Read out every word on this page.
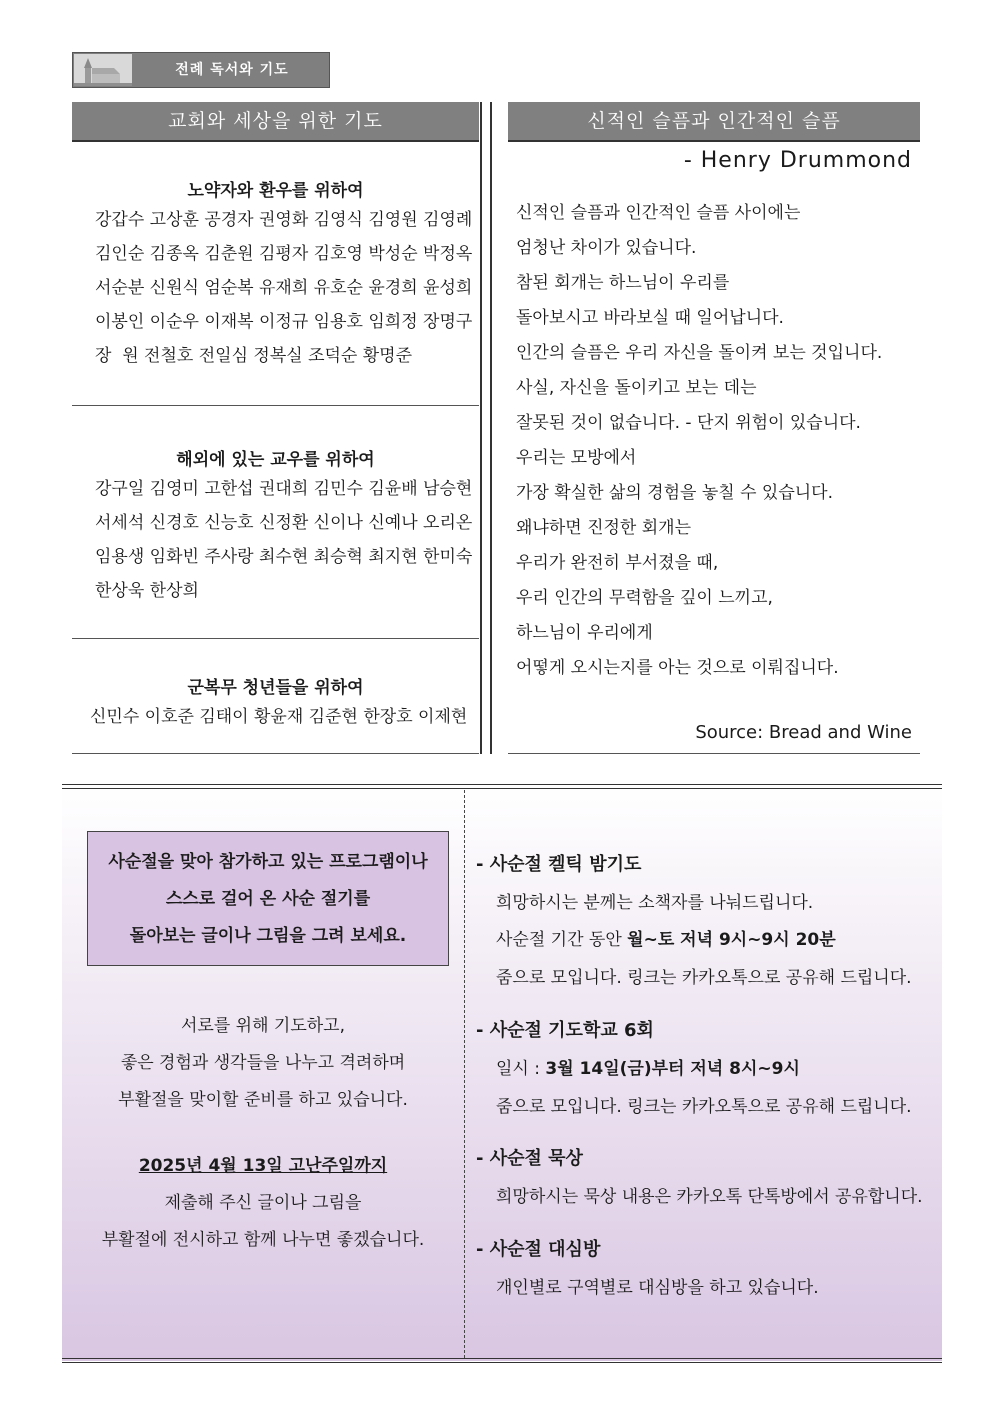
전례 독서와 기도
교회와 세상을 위한 기도
노약자와 환우를 위하여
강갑수 고상훈 공경자 권영화 김영식 김영원 김영례
김인순 김종옥 김춘원 김평자 김호영 박성순 박정옥
서순분 신원식 엄순복 유재희 유호순 윤경희 윤성희
이봉인 이순우 이재복 이정규 임용호 임희정 장명구
장  원 전철호 전일심 정복실 조덕순 황명준
해외에 있는 교우를 위하여
강구일 김영미 고한섭 권대희 김민수 김윤배 남승현
서세석 신경호 신능호 신정환 신이나 신예나 오리온
임용생 임화빈 주사랑 최수현 최승혁 최지현 한미숙
한상욱 한상희
군복무 청년들을 위하여
신민수 이호준 김태이 황윤재 김준현 한장호 이제현
신적인 슬픔과 인간적인 슬픔
- Henry Drummond
신적인 슬픔과 인간적인 슬픔 사이에는
엄청난 차이가 있습니다.
참된 회개는 하느님이 우리를
돌아보시고 바라보실 때 일어납니다.
인간의 슬픔은 우리 자신을 돌이켜 보는 것입니다.
사실, 자신을 돌이키고 보는 데는
잘못된 것이 없습니다. - 단지 위험이 있습니다.
우리는 모방에서
가장 확실한 삶의 경험을 놓칠 수 있습니다.
왜냐하면 진정한 회개는
우리가 완전히 부서졌을 때,
우리 인간의 무력함을 깊이 느끼고,
하느님이 우리에게
어떻게 오시는지를 아는 것으로 이뤄집니다.
Source: Bread and Wine
사순절을 맞아 참가하고 있는 프로그램이나
스스로 걸어 온 사순 절기를
돌아보는 글이나 그림을 그려 보세요.
서로를 위해 기도하고,
좋은 경험과 생각들을 나누고 격려하며
부활절을 맞이할 준비를 하고 있습니다.
2025년 4월 13일 고난주일까지
제출해 주신 글이나 그림을
부활절에 전시하고 함께 나누면 좋겠습니다.
- 사순절 켈틱 밤기도
희망하시는 분께는 소책자를 나눠드립니다.
사순절 기간 동안 월~토 저녁 9시~9시 20분
줌으로 모입니다. 링크는 카카오톡으로 공유해 드립니다.
- 사순절 기도학교 6회
일시 : 3월 14일(금)부터 저녁 8시~9시
줌으로 모입니다. 링크는 카카오톡으로 공유해 드립니다.
- 사순절 묵상
희망하시는 묵상 내용은 카카오톡 단톡방에서 공유합니다.
- 사순절 대심방
개인별로 구역별로 대심방을 하고 있습니다.
